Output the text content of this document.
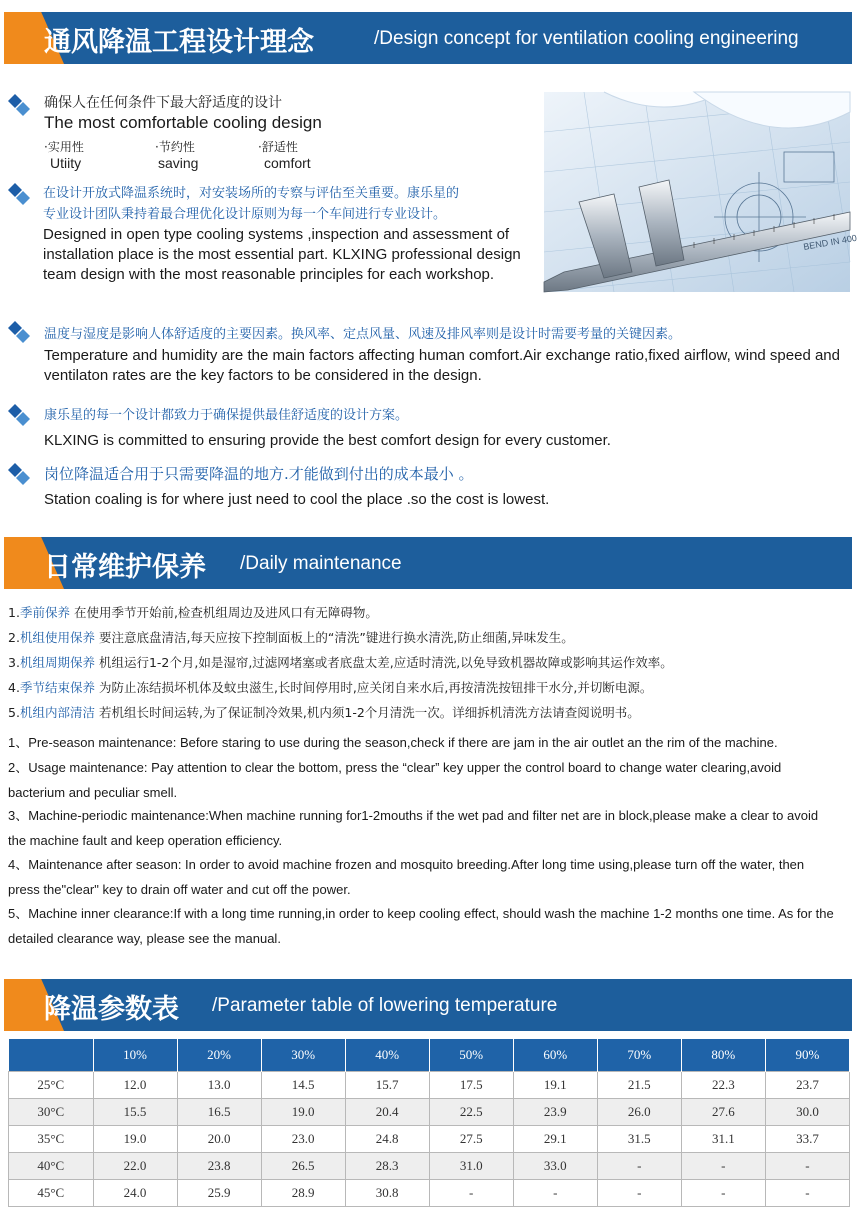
通风降温工程设计理念	/Design concept for ventilation cooling engineering
BEND IN 400
确保人在任何条件下最大舒适度的设计
The most comfortable cooling design
·实用性
Utiity
·节约性
saving
·舒适性
comfort
在设计开放式降温系统时，对安装场所的专察与评估至关重要。康乐星的
专业设计团队秉持着最合理优化设计原则为每一个车间进行专业设计。
Designed in open type cooling systems ,inspection and assessment of installation place is the most essential part. KLXING professional design team design with the most reasonable principles for each workshop.
温度与湿度是影响人体舒适度的主要因素。换风率、定点风量、风速及排风率则是设计时需要考量的关键因素。
Temperature and humidity are the main factors affecting human comfort.Air exchange ratio,fixed airflow, wind speed and ventilaton rates are the key factors to be considered in the design.
康乐星的每一个设计都致力于确保提供最佳舒适度的设计方案。
KLXING is committed to ensuring provide the best comfort design for every customer.
岗位降温适合用于只需要降温的地方.才能做到付出的成本最小 。
Station coaling is for where just need to cool the place .so the cost is lowest.
日常维护保养 /Daily maintenance
1.季前保养 在使用季节开始前,检查机组周边及进风口有无障碍物。
2.机组使用保养 要注意底盘清洁,每天应按下控制面板上的“清洗”键进行换水清洗,防止细菌,异味发生。
3.机组周期保养 机组运行1-2个月,如是湿帘,过滤网堵塞或者底盘太差,应适时清洗,以免导致机器故障或影响其运作效率。
4.季节结束保养 为防止冻结损坏机体及蚊虫滋生,长时间停用时,应关闭自来水后,再按清洗按钮排干水分,并切断电源。
5.机组内部清洁 若机组长时间运转,为了保证制冷效果,机内须1-2个月清洗一次。详细拆机清洗方法请查阅说明书。
1、Pre-season maintenance: Before staring to use during the season,check if there are jam in the air outlet an the rim of the machine.
2、Usage maintenance: Pay attention to clear the bottom, press the “clear” key upper the control board to change water clearing,avoid bacterium and peculiar smell.
3、Machine-periodic maintenance:When machine running for1-2mouths if the wet pad and filter net are in block,please make a clear to avoid the machine fault and keep operation efficiency.
4、Maintenance after season: In order to avoid machine frozen and mosquito breeding.After long time using,please turn off the water, then press the"clear" key to drain off water and cut off the power.
5、Machine inner clearance:If with a long time running,in order to keep cooling effect, should wash the machine 1-2 months one time. As for the detailed clearance way, please see the manual.
降温参数表 /Parameter table of lowering temperature
	10%	20%	30%	40%	50%	60%	70%	80%	90%
25°C	12.0	13.0	14.5	15.7	17.5	19.1	21.5	22.3	23.7
30°C	15.5	16.5	19.0	20.4	22.5	23.9	26.0	27.6	30.0
35°C	19.0	20.0	23.0	24.8	27.5	29.1	31.5	31.1	33.7
40°C	22.0	23.8	26.5	28.3	31.0	33.0	-	-	-
45°C	24.0	25.9	28.9	30.8	-	-	-	-	-
